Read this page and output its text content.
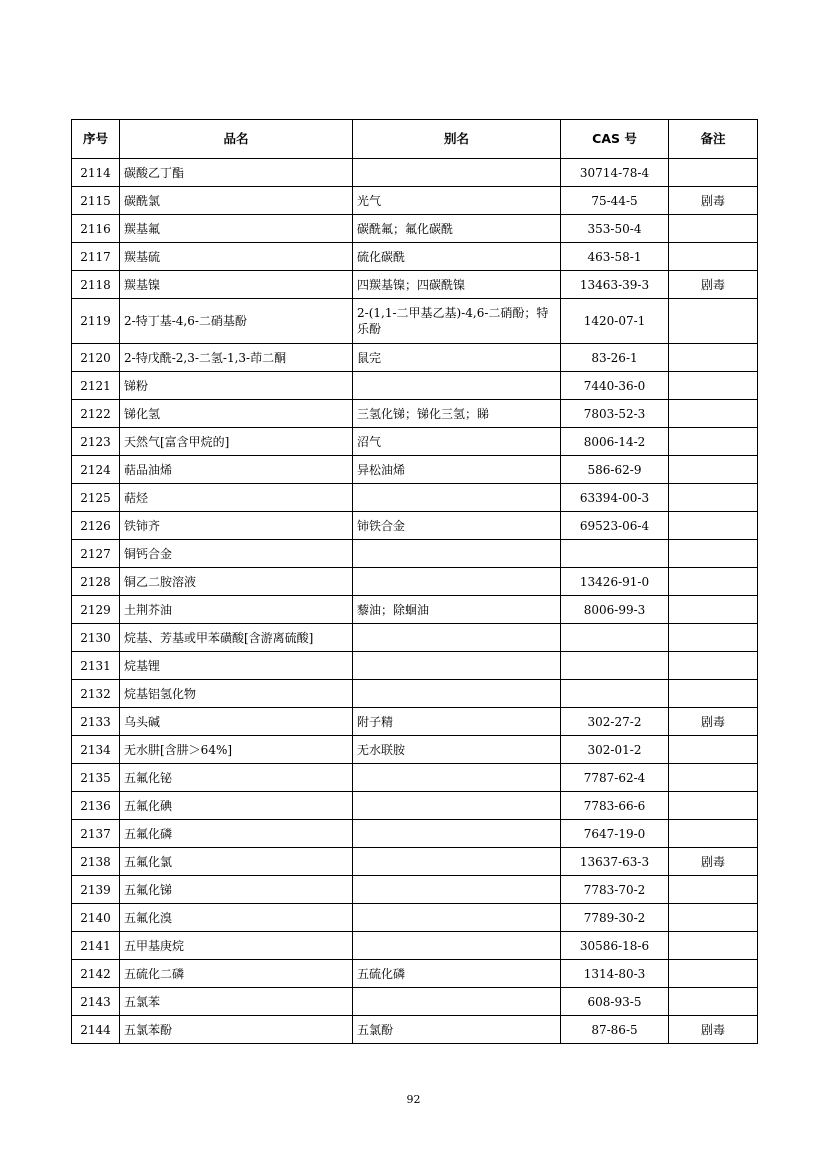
序号	品名	别名	CAS 号	备注
2114	碳酸乙丁酯		30714-78-4	
2115	碳酰氯	光气	75-44-5	剧毒
2116	羰基氟	碳酰氟；氟化碳酰	353-50-4	
2117	羰基硫	硫化碳酰	463-58-1	
2118	羰基镍	四羰基镍；四碳酰镍	13463-39-3	剧毒
2119	2-特丁基-4,6-二硝基酚	2-(1,1-二甲基乙基)-4,6-二硝酚；特乐酚	1420-07-1	
2120	2-特戊酰-2,3-二氢-1,3-茚二酮	鼠完	83-26-1	
2121	锑粉		7440-36-0	
2122	锑化氢	三氢化锑；锑化三氢；睇	7803-52-3	
2123	天然气[富含甲烷的]	沼气	8006-14-2	
2124	萜品油烯	异松油烯	586-62-9	
2125	萜烃		63394-00-3	
2126	铁铈齐	铈铁合金	69523-06-4	
2127	铜钙合金			
2128	铜乙二胺溶液		13426-91-0	
2129	土荆芥油	藜油；除蛔油	8006-99-3	
2130	烷基、芳基或甲苯磺酸[含游离硫酸]			
2131	烷基锂			
2132	烷基铝氢化物			
2133	乌头碱	附子精	302-27-2	剧毒
2134	无水肼[含肼＞64%]	无水联胺	302-01-2	
2135	五氟化铋		7787-62-4	
2136	五氟化碘		7783-66-6	
2137	五氟化磷		7647-19-0	
2138	五氟化氯		13637-63-3	剧毒
2139	五氟化锑		7783-70-2	
2140	五氟化溴		7789-30-2	
2141	五甲基庚烷		30586-18-6	
2142	五硫化二磷	五硫化磷	1314-80-3	
2143	五氯苯		608-93-5	
2144	五氯苯酚	五氯酚	87-86-5	剧毒
92
